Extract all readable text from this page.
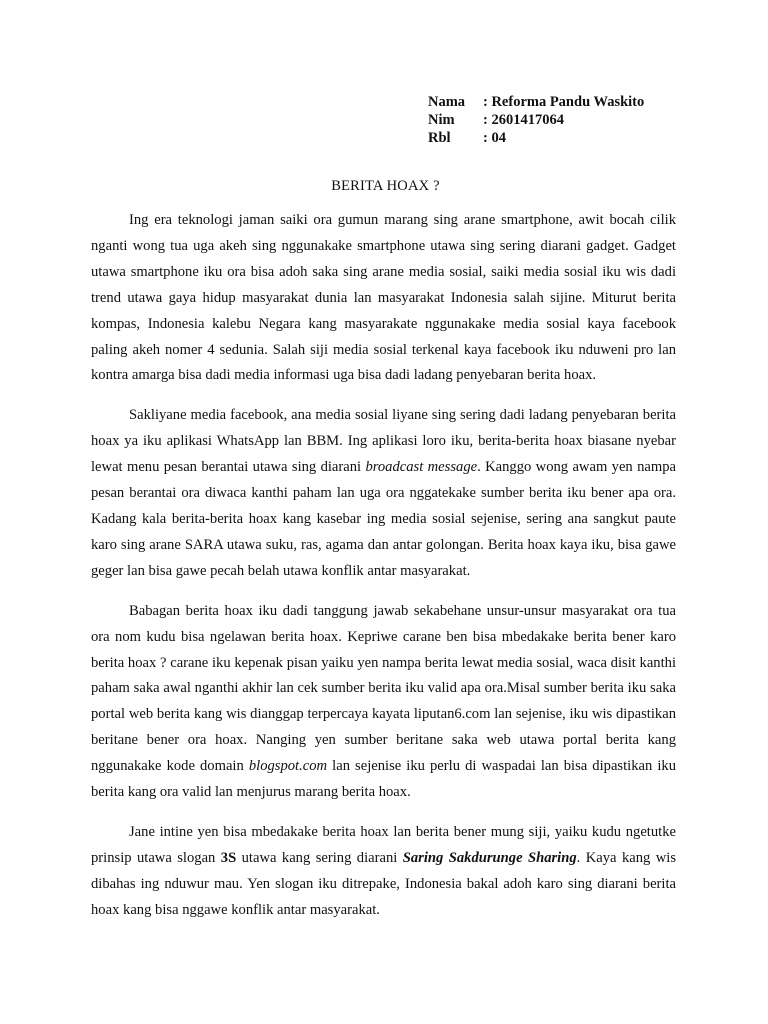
Nama	: Reforma Pandu Waskito
Nim	: 2601417064
Rbl	: 04
BERITA HOAX ?

Ing era teknologi jaman saiki ora gumun marang sing arane smartphone, awit bocah cilik nganti wong tua uga akeh sing nggunakake smartphone utawa sing sering diarani gadget. Gadget utawa smartphone iku ora bisa adoh saka sing arane media sosial, saiki media sosial iku wis dadi trend utawa gaya hidup masyarakat dunia lan masyarakat Indonesia salah sijine. Miturut berita kompas, Indonesia kalebu Negara kang masyarakate nggunakake media sosial kaya facebook paling akeh nomer 4 sedunia. Salah siji media sosial terkenal kaya facebook iku nduweni pro lan kontra amarga bisa dadi media informasi uga bisa dadi ladang penyebaran berita hoax.

Sakliyane media facebook, ana media sosial liyane sing sering dadi ladang penyebaran berita hoax ya iku aplikasi WhatsApp lan BBM. Ing aplikasi loro iku, berita-berita hoax biasane nyebar lewat menu pesan berantai utawa sing diarani broadcast message. Kanggo wong awam yen nampa pesan berantai ora diwaca kanthi paham lan uga ora nggatekake sumber berita iku bener apa ora. Kadang kala berita-berita hoax kang kasebar ing media sosial sejenise, sering ana sangkut paute karo sing arane SARA utawa suku, ras, agama dan antar golongan. Berita hoax kaya iku, bisa gawe geger lan bisa gawe pecah belah utawa konflik antar masyarakat.

Babagan berita hoax iku dadi tanggung jawab sekabehane unsur-unsur masyarakat ora tua ora nom kudu bisa ngelawan berita hoax. Kepriwe carane ben bisa mbedakake berita bener karo berita hoax ? carane iku kepenak pisan yaiku yen nampa berita lewat media sosial, waca disit kanthi paham saka awal nganthi akhir lan cek sumber berita iku valid apa ora.Misal sumber berita iku saka portal web berita kang wis dianggap terpercaya kayata liputan6.com lan sejenise, iku wis dipastikan beritane bener ora hoax. Nanging yen sumber beritane saka web utawa portal berita kang nggunakake kode domain blogspot.com lan sejenise iku perlu di waspadai lan bisa dipastikan iku berita kang ora valid lan menjurus marang berita hoax.

Jane intine yen bisa mbedakake berita hoax lan berita bener mung siji, yaiku kudu ngetutke prinsip utawa slogan 3S utawa kang sering diarani Saring Sakdurunge Sharing. Kaya kang wis dibahas ing nduwur mau. Yen slogan iku ditrepake, Indonesia bakal adoh karo sing diarani berita hoax kang bisa nggawe konflik antar masyarakat.
